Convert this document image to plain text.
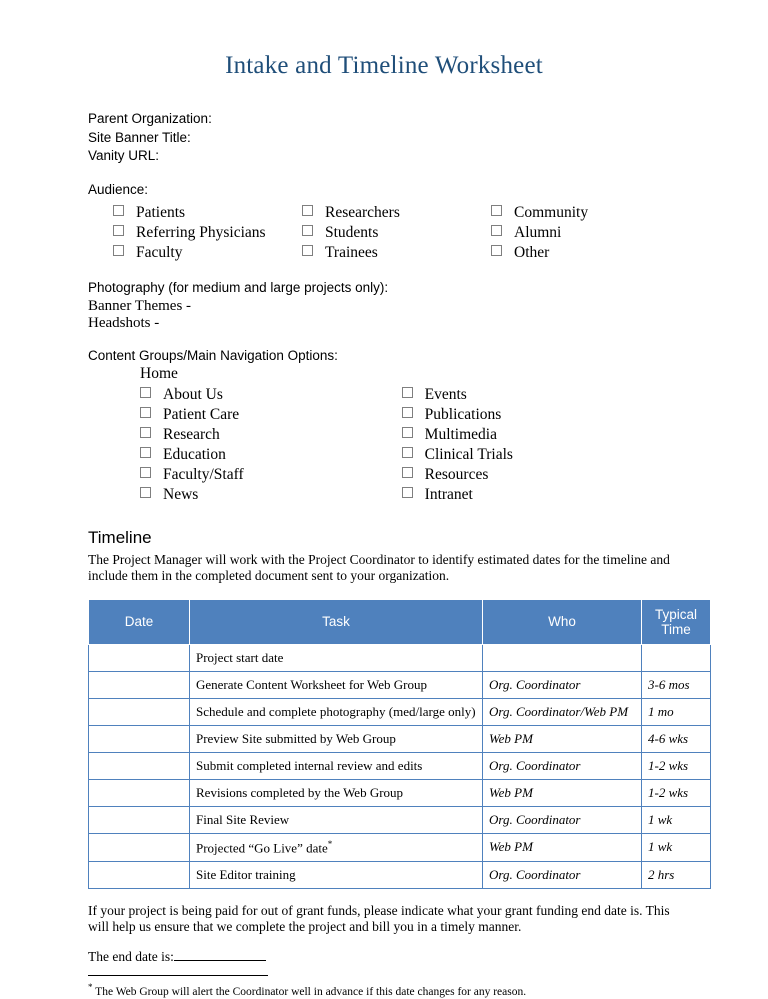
Intake and Timeline Worksheet
Parent Organization:
Site Banner Title:
Vanity URL:
Audience:
Patients
Referring Physicians
Faculty
Researchers
Students
Trainees
Community
Alumni
Other
Photography (for medium and large projects only):
Banner Themes -
Headshots -
Content Groups/Main Navigation Options:
Home
About Us
Patient Care
Research
Education
Faculty/Staff
News
Events
Publications
Multimedia
Clinical Trials
Resources
Intranet
Timeline

The Project Manager will work with the Project Coordinator to identify estimated dates for the timeline and include them in the completed document sent to your organization.

Date	Task	Who	Typical Time
	Project start date		
	Generate Content Worksheet for Web Group	Org. Coordinator	3-6 mos
	Schedule and complete photography (med/large only)	Org. Coordinator/Web PM	1 mo
	Preview Site submitted by Web Group	Web PM	4-6 wks
	Submit completed internal review and edits	Org. Coordinator	1-2 wks
	Revisions completed by the Web Group	Web PM	1-2 wks
	Final Site Review	Org. Coordinator	1 wk
	Projected “Go Live” date*	Web PM	1 wk
	Site Editor training	Org. Coordinator	2 hrs

If your project is being paid for out of grant funds, please indicate what your grant funding end date is. This will help us ensure that we complete the project and bill you in a timely manner.

The end date is:
* The Web Group will alert the Coordinator well in advance if this date changes for any reason.
